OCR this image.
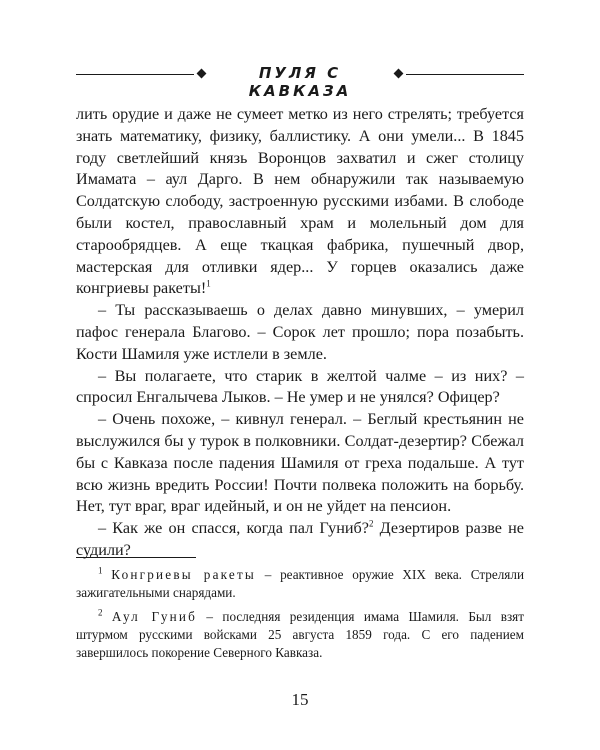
ПУЛЯ С КАВКАЗА

лить орудие и даже не сумеет метко из него стрелять; требуется знать математику, физику, баллистику. А они умели... В 1845 году светлейший князь Воронцов захватил и сжег столицу Имамата – аул Дарго. В нем обнаружили так называемую Солдатскую слободу, застроенную русскими избами. В слободе были костел, православный храм и молельный дом для старообрядцев. А еще ткацкая фабрика, пушечный двор, мастерская для отливки ядер... У горцев оказались даже конгриевы ракеты!$^1$

– Ты рассказываешь о делах давно минувших, – умерил пафос генерала Благово. – Сорок лет прошло; пора позабыть. Кости Шамиля уже истлели в земле.

– Вы полагаете, что старик в желтой чалме – из них? – спросил Енгалычева Лыков. – Не умер и не унялся? Офицер?

– Очень похоже, – кивнул генерал. – Беглый крестьянин не выслужился бы у турок в полковники. Солдат-дезертир? Сбежал бы с Кавказа после падения Шамиля от греха подальше. А тут всю жизнь вредить России! Почти полвека положить на борьбу. Нет, тут враг, враг идейный, и он не уйдет на пенсион.

– Как же он спасся, когда пал Гуниб?$^2$ Дезертиров разве не судили?

$^1$ Конгриевы ракеты – реактивное оружие XIX века. Стреляли зажигательными снарядами.

$^2$ Аул Гуниб – последняя резиденция имама Шамиля. Был взят штурмом русскими войсками 25 августа 1859 года. С его падением завершилось покорение Северного Кавказа.

15
